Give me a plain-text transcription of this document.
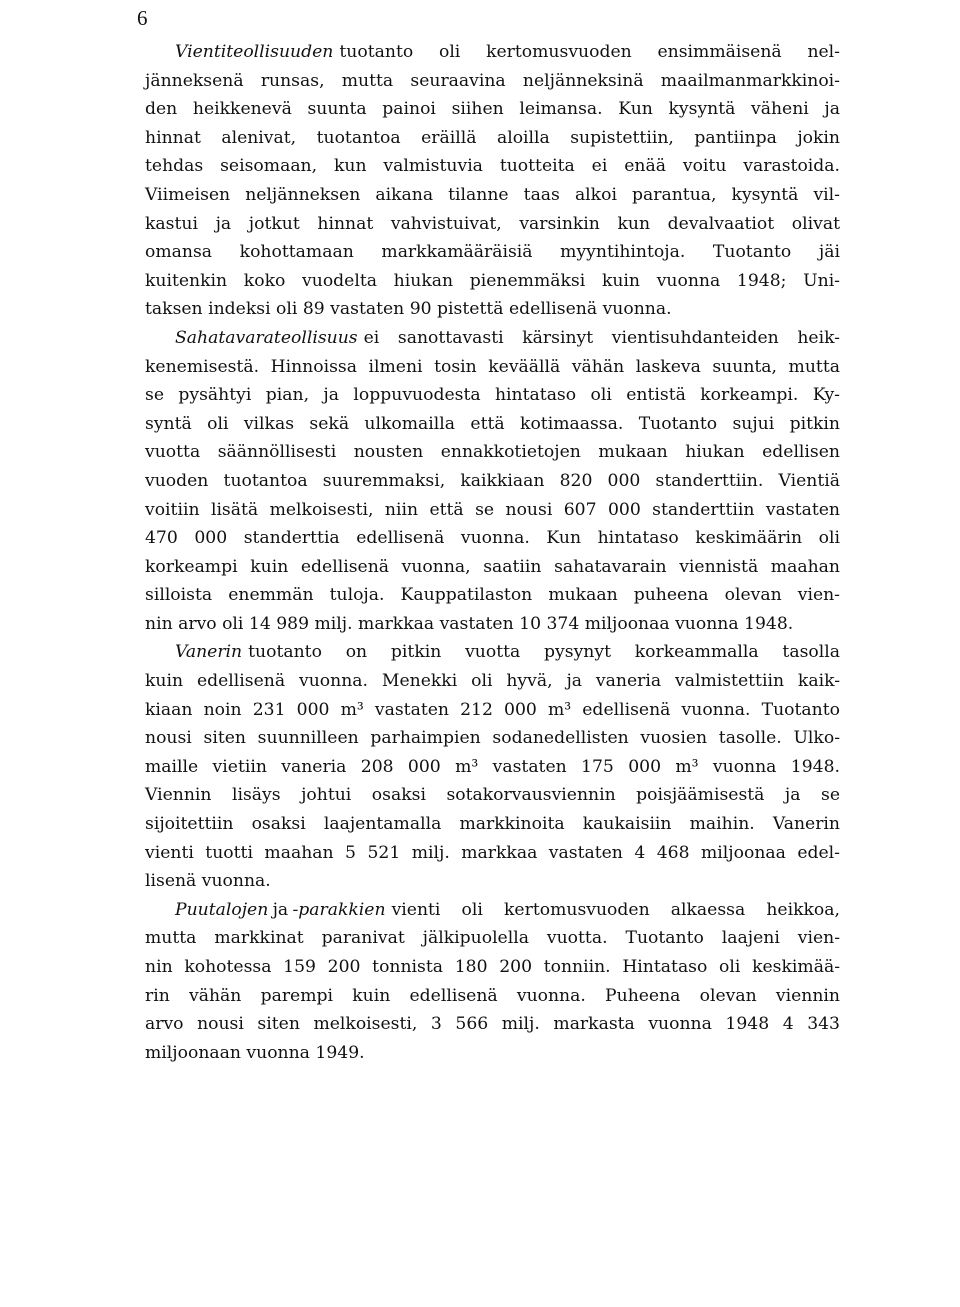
6
Vientiteollisuuden tuotanto oli kertomusvuoden ensimmäisenä nel-
jänneksenä runsas, mutta seuraavina neljänneksinä maailmanmarkkinoi-
den heikkenevä suunta painoi siihen leimansa. Kun kysyntä väheni ja
hinnat alenivat, tuotantoa eräillä aloilla supistettiin, pantiinpa jokin
tehdas seisomaan, kun valmistuvia tuotteita ei enää voitu varastoida.
Viimeisen neljänneksen aikana tilanne taas alkoi parantua, kysyntä vil-
kastui ja jotkut hinnat vahvistuivat, varsinkin kun devalvaatiot olivat
omansa kohottamaan markkamääräisiä myyntihintoja. Tuotanto jäi
kuitenkin koko vuodelta hiukan pienemmäksi kuin vuonna 1948; Uni-
taksen indeksi oli 89 vastaten 90 pistettä edellisenä vuonna.
Sahatavarateollisuus ei sanottavasti kärsinyt vientisuhdanteiden heik-
kenemisestä. Hinnoissa ilmeni tosin keväällä vähän laskeva suunta, mutta
se pysähtyi pian, ja loppuvuodesta hintataso oli entistä korkeampi. Ky-
syntä oli vilkas sekä ulkomailla että kotimaassa. Tuotanto sujui pitkin
vuotta säännöllisesti nousten ennakkotietojen mukaan hiukan edellisen
vuoden tuotantoa suuremmaksi, kaikkiaan 820 000 standerttiin. Vientiä
voitiin lisätä melkoisesti, niin että se nousi 607 000 standerttiin vastaten
470 000 standerttia edellisenä vuonna. Kun hintataso keskimäärin oli
korkeampi kuin edellisenä vuonna, saatiin sahatavarain viennistä maahan
silloista enemmän tuloja. Kauppatilaston mukaan puheena olevan vien-
nin arvo oli 14 989 milj. markkaa vastaten 10 374 miljoonaa vuonna 1948.
Vanerin tuotanto on pitkin vuotta pysynyt korkeammalla tasolla
kuin edellisenä vuonna. Menekki oli hyvä, ja vaneria valmistettiin kaik-
kiaan noin 231 000 m³ vastaten 212 000 m³ edellisenä vuonna. Tuotanto
nousi siten suunnilleen parhaimpien sodanedellisten vuosien tasolle. Ulko-
maille vietiin vaneria 208 000 m³ vastaten 175 000 m³ vuonna 1948.
Viennin lisäys johtui osaksi sotakorvausviennin poisjäämisestä ja se
sijoitettiin osaksi laajentamalla markkinoita kaukaisiin maihin. Vanerin
vienti tuotti maahan 5 521 milj. markkaa vastaten 4 468 miljoonaa edel-
lisenä vuonna.
Puutalojen ja -parakkien vienti oli kertomusvuoden alkaessa heikkoa,
mutta markkinat paranivat jälkipuolella vuotta. Tuotanto laajeni vien-
nin kohotessa 159 200 tonnista 180 200 tonniin. Hintataso oli keskimää-
rin vähän parempi kuin edellisenä vuonna. Puheena olevan viennin
arvo nousi siten melkoisesti, 3 566 milj. markasta vuonna 1948 4 343
miljoonaan vuonna 1949.
